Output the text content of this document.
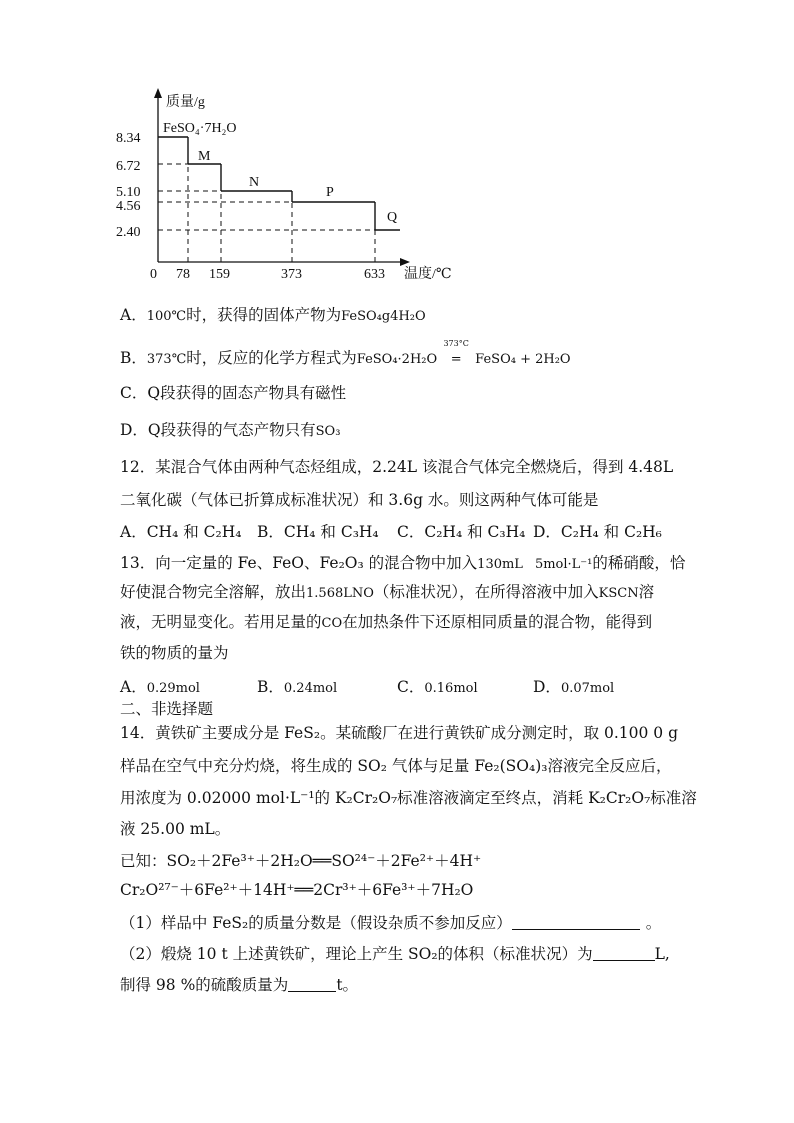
质量/g
温度/℃
FeSO₄·7H₂O
0
8.34
6.72
5.10
4.56
2.40
78 159	373	633
M
N
P
Q
A．100℃时，获得的固体产物为FeSO₄g4H₂O
B．373℃时，反应的化学方程式为FeSO₄·2H₂O
373°C
= FeSO₄ + 2H₂O
C．Q段获得的固态产物具有磁性
D．Q段获得的气态产物只有SO₃
12．某混合气体由两种气态烃组成，2.24L 该混合气体完全燃烧后，得到 4.48L
二氧化碳（气体已折算成标准状况）和 3.6g 水。则这两种气体可能是
A．CH₄ 和 C₂H₄ B．CH₄ 和 C₃H₄ C．C₂H₄ 和 C₃H₄ D．C₂H₄ 和 C₂H₆
13．向一定量的 Fe、FeO、Fe₂O₃ 的混合物中加入130mL 5mol·L⁻¹的稀硝酸，恰
好使混合物完全溶解，放出1.568LNO（标准状况），在所得溶液中加入KSCN溶
液，无明显变化。若用足量的CO在加热条件下还原相同质量的混合物，能得到
铁的物质的量为
A．0.29mol	B．0.24mol	C．0.16mol	D．0.07mol
二、非选择题
14．黄铁矿主要成分是 FeS₂。某硫酸厂在进行黄铁矿成分测定时，取 0.100 0 g
样品在空气中充分灼烧，将生成的 SO₂ 气体与足量 Fe₂(SO₄)₃溶液完全反应后，
用浓度为 0.02000 mol·L⁻¹的 K₂Cr₂O₇标准溶液滴定至终点，消耗 K₂Cr₂O₇标准溶
液 25.00 mL。
已知：SO₂＋2Fe³⁺＋2H₂O══SO²⁴⁻＋2Fe²⁺＋4H⁺
Cr₂O²⁷⁻＋6Fe²⁺＋14H⁺══2Cr³⁺＋6Fe³⁺＋7H₂O
（1）样品中 FeS₂的质量分数是（假设杂质不参加反应）	。
（2）煅烧 10 t 上述黄铁矿，理论上产生 SO₂的体积（标准状况）为	L,
制得 98 %的硫酸质量为	t。
